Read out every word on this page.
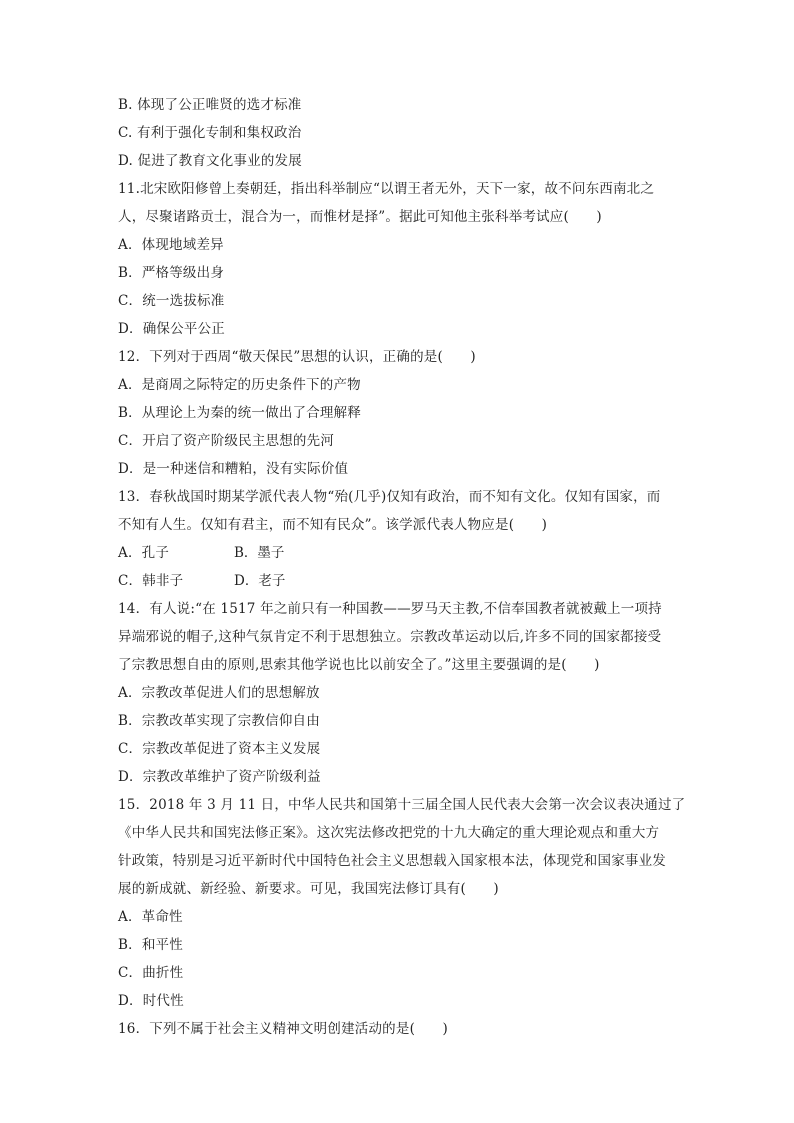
B. 体现了公正唯贤的选才标准
C. 有利于强化专制和集权政治
D. 促进了教育文化事业的发展
11.北宋欧阳修曾上奏朝廷，指出科举制应“以谓王者无外，天下一家，故不问东西南北之
人，尽聚诸路贡士，混合为一，而惟材是择”。据此可知他主张科举考试应(　　)
A．体现地域差异
B．严格等级出身
C．统一选拔标准
D．确保公平公正
12．下列对于西周“敬天保民”思想的认识，正确的是(　　)
A．是商周之际特定的历史条件下的产物
B．从理论上为秦的统一做出了合理解释
C．开启了资产阶级民主思想的先河
D．是一种迷信和糟粕，没有实际价值
13．春秋战国时期某学派代表人物“殆(几乎)仅知有政治，而不知有文化。仅知有国家，而
不知有人生。仅知有君主，而不知有民众”。该学派代表人物应是(　　)
A．孔子	B．墨子
C．韩非子	D．老子
14．有人说:“在 1517 年之前只有一种国教——罗马天主教,不信奉国教者就被戴上一项持
异端邪说的帽子,这种气氛肯定不利于思想独立。宗教改革运动以后,许多不同的国家都接受
了宗教思想自由的原则,思索其他学说也比以前安全了。”这里主要强调的是(　　)
A．宗教改革促进人们的思想解放
B．宗教改革实现了宗教信仰自由
C．宗教改革促进了资本主义发展
D．宗教改革维护了资产阶级利益
15．2018 年 3 月 11 日，中华人民共和国第十三届全国人民代表大会第一次会议表决通过了
《中华人民共和国宪法修正案》。这次宪法修改把党的十九大确定的重大理论观点和重大方
针政策，特别是习近平新时代中国特色社会主义思想载入国家根本法，体现党和国家事业发
展的新成就、新经验、新要求。可见，我国宪法修订具有(　　)
A．革命性
B．和平性
C．曲折性
D．时代性
16．下列不属于社会主义精神文明创建活动的是(　　)
